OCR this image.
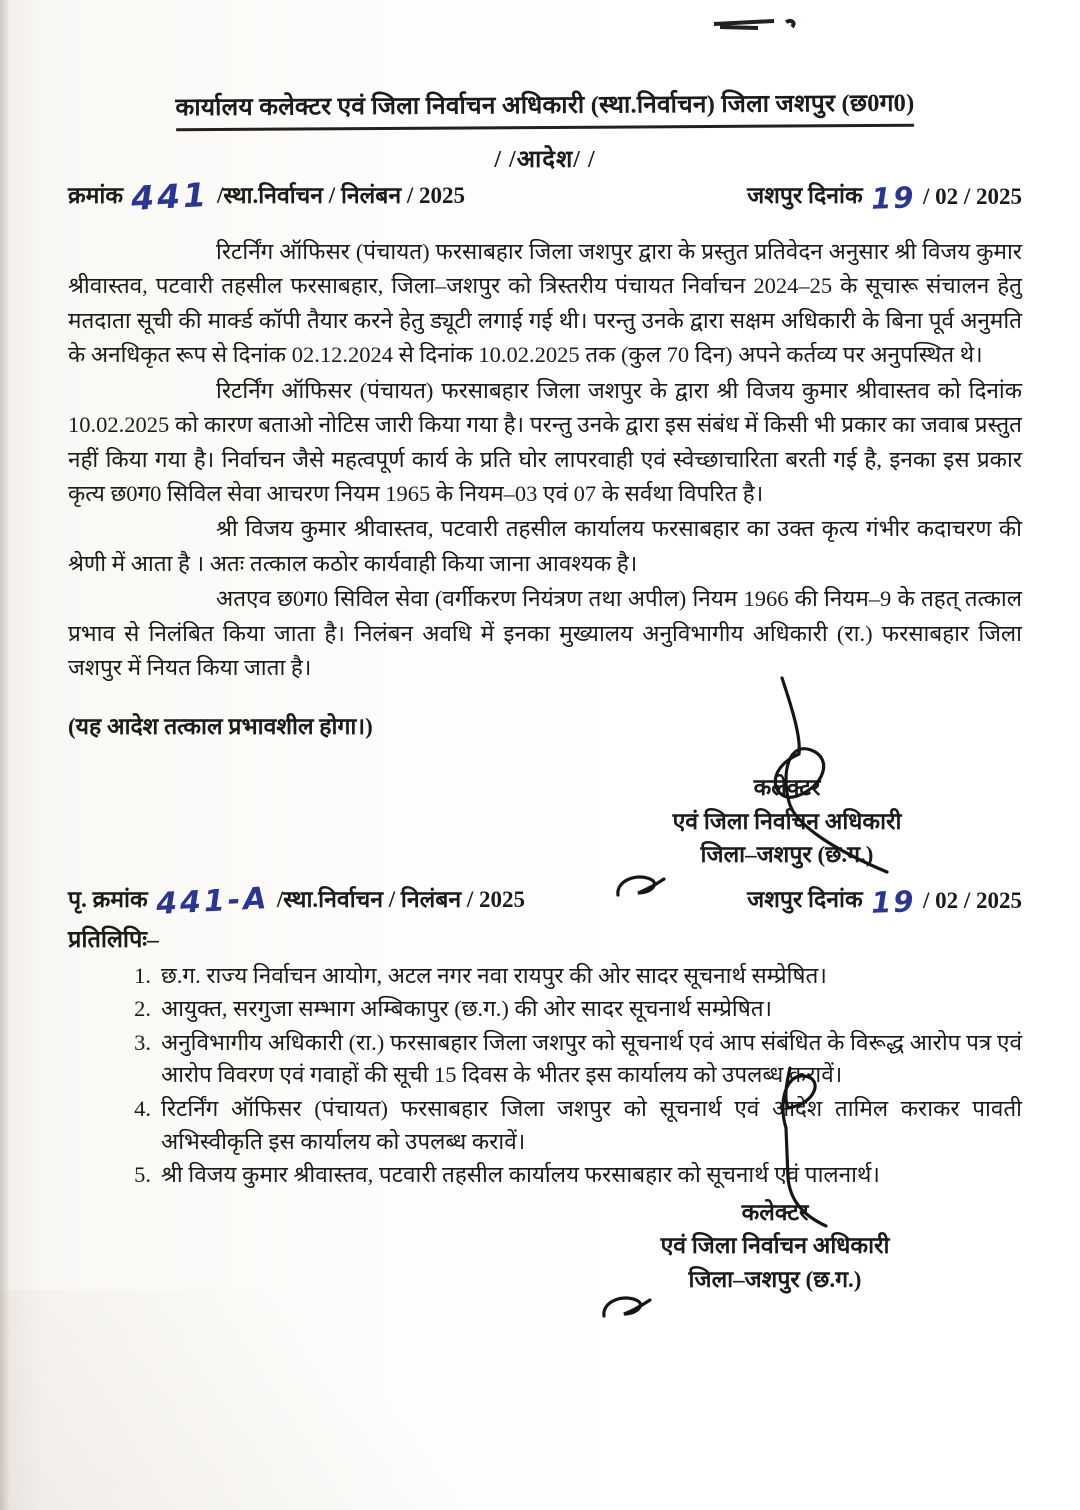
कार्यालय कलेक्टर एवं जिला निर्वाचन अधिकारी (स्था.निर्वाचन) जिला जशपुर (छ0ग0)
/ /आदेश/ /
क्रमांक 441 /स्था.निर्वाचन / निलंबन / 2025	जशपुर दिनांक 19 / 02 / 2025

रिटर्निंग ऑफिसर (पंचायत) फरसाबहार जिला जशपुर द्वारा के प्रस्तुत प्रतिवेदन अनुसार श्री विजय कुमार श्रीवास्तव, पटवारी तहसील फरसाबहार, जिला–जशपुर को त्रिस्तरीय पंचायत निर्वाचन 2024–25 के सूचारू संचालन हेतु मतदाता सूची की मार्क्ड कॉपी तैयार करने हेतु ड्यूटी लगाई गई थी। परन्तु उनके द्वारा सक्षम अधिकारी के बिना पूर्व अनुमति के अनधिकृत रूप से दिनांक 02.12.2024 से दिनांक 10.02.2025 तक (कुल 70 दिन) अपने कर्तव्य पर अनुपस्थित थे।

रिटर्निंग ऑफिसर (पंचायत) फरसाबहार जिला जशपुर के द्वारा श्री विजय कुमार श्रीवास्तव को दिनांक 10.02.2025 को कारण बताओ नोटिस जारी किया गया है। परन्तु उनके द्वारा इस संबंध में किसी भी प्रकार का जवाब प्रस्तुत नहीं किया गया है। निर्वाचन जैसे महत्वपूर्ण कार्य के प्रति घोर लापरवाही एवं स्वेच्छाचारिता बरती गई है, इनका इस प्रकार कृत्य छ0ग0 सिविल सेवा आचरण नियम 1965 के नियम–03 एवं 07 के सर्वथा विपरित है।

श्री विजय कुमार श्रीवास्तव, पटवारी तहसील कार्यालय फरसाबहार का उक्त कृत्य गंभीर कदाचरण की श्रेणी में आता है । अतः तत्काल कठोर कार्यवाही किया जाना आवश्यक है।

अतएव छ0ग0 सिविल सेवा (वर्गीकरण नियंत्रण तथा अपील) नियम 1966 की नियम–9 के तहत् तत्काल प्रभाव से निलंबित किया जाता है। निलंबन अवधि में इनका मुख्यालय अनुविभागीय अधिकारी (रा.) फरसाबहार जिला जशपुर में नियत किया जाता है।

(यह आदेश तत्काल प्रभावशील होगा।)
कलेक्टर
एवं जिला निर्वाचन अधिकारी
जिला–जशपुर (छ.ग.)
पृ. क्रमांक 441-A /स्था.निर्वाचन / निलंबन / 2025	जशपुर दिनांक 19 / 02 / 2025
प्रतिलिपिः–
1. छ.ग. राज्य निर्वाचन आयोग, अटल नगर नवा रायपुर की ओर सादर सूचनार्थ सम्प्रेषित।
2. आयुक्त, सरगुजा सम्भाग अम्बिकापुर (छ.ग.) की ओर सादर सूचनार्थ सम्प्रेषित।
3. अनुविभागीय अधिकारी (रा.) फरसाबहार जिला जशपुर को सूचनार्थ एवं आप संबंधित के विरूद्ध आरोप पत्र एवं आरोप विवरण एवं गवाहों की सूची 15 दिवस के भीतर इस कार्यालय को उपलब्ध करावें।
4. रिटर्निंग ऑफिसर (पंचायत) फरसाबहार जिला जशपुर को सूचनार्थ एवं आदेश तामिल कराकर पावती अभिस्वीकृति इस कार्यालय को उपलब्ध करावें।
5. श्री विजय कुमार श्रीवास्तव, पटवारी तहसील कार्यालय फरसाबहार को सूचनार्थ एवं पालनार्थ।
कलेक्टर
एवं जिला निर्वाचन अधिकारी
जिला–जशपुर (छ.ग.)
